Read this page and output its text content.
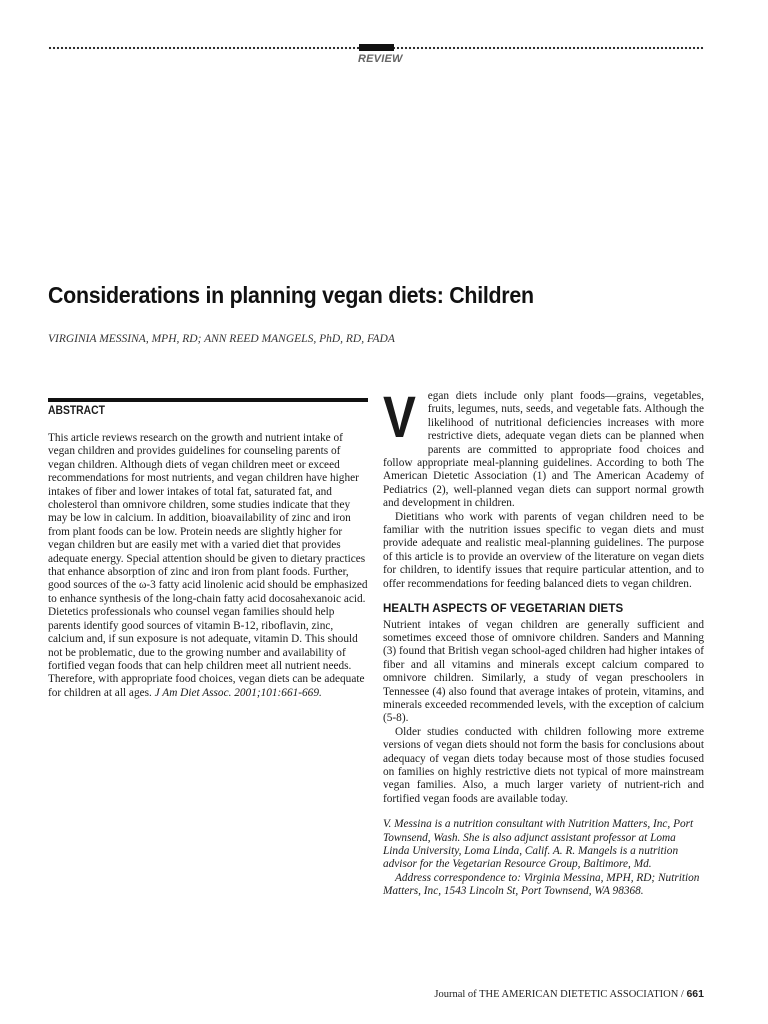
REVIEW
Considerations in planning vegan diets: Children
VIRGINIA MESSINA, MPH, RD; ANN REED MANGELS, PhD, RD, FADA
ABSTRACT

This article reviews research on the growth and nutrient intake of vegan children and provides guidelines for counseling parents of vegan children. Although diets of vegan children meet or exceed recommendations for most nutrients, and vegan children have higher intakes of fiber and lower intakes of total fat, saturated fat, and cholesterol than omnivore children, some studies indicate that they may be low in calcium. In addition, bioavailability of zinc and iron from plant foods can be low. Protein needs are slightly higher for vegan children but are easily met with a varied diet that provides adequate energy. Special attention should be given to dietary practices that enhance absorption of zinc and iron from plant foods. Further, good sources of the ω-3 fatty acid linolenic acid should be emphasized to enhance synthesis of the long-chain fatty acid docosahexanoic acid. Dietetics professionals who counsel vegan families should help parents identify good sources of vitamin B-12, riboflavin, zinc, calcium and, if sun exposure is not adequate, vitamin D. This should not be problematic, due to the growing number and availability of fortified vegan foods that can help children meet all nutrient needs. Therefore, with appropriate food choices, vegan diets can be adequate for children at all ages. J Am Diet Assoc. 2001;101:661-669.

V	egan diets include only plant foods—grains, vegetables, fruits, legumes, nuts, seeds, and vegetable fats. Although the likelihood of nutritional deficiencies increases with more restrictive diets, adequate vegan diets can be planned when parents are committed to appropriate food choices and follow appropriate meal-planning guidelines. According to both The American Dietetic Association (1) and The American Academy of Pediatrics (2), well-planned vegan diets can support normal growth and development in children.

Dietitians who work with parents of vegan children need to be familiar with the nutrition issues specific to vegan diets and must provide adequate and realistic meal-planning guidelines. The purpose of this article is to provide an overview of the literature on vegan diets for children, to identify issues that require particular attention, and to offer recommendations for feeding balanced diets to vegan children.

HEALTH ASPECTS OF VEGETARIAN DIETS

Nutrient intakes of vegan children are generally sufficient and sometimes exceed those of omnivore children. Sanders and Manning (3) found that British vegan school-aged children had higher intakes of fiber and all vitamins and minerals except calcium compared to omnivore children. Similarly, a study of vegan preschoolers in Tennessee (4) also found that average intakes of protein, vitamins, and minerals exceeded recommended levels, with the exception of calcium (5-8).

Older studies conducted with children following more extreme versions of vegan diets should not form the basis for conclusions about adequacy of vegan diets today because most of those studies focused on families on highly restrictive diets not typical of more mainstream vegan families. Also, a much larger variety of nutrient-rich and fortified vegan foods are available today.

V. Messina is a nutrition consultant with Nutrition Matters, Inc, Port Townsend, Wash. She is also adjunct assistant professor at Loma Linda University, Loma Linda, Calif. A. R. Mangels is a nutrition advisor for the Vegetarian Resource Group, Baltimore, Md.

Address correspondence to: Virginia Messina, MPH, RD; Nutrition Matters, Inc, 1543 Lincoln St, Port Townsend, WA 98368.

Journal of THE AMERICAN DIETETIC ASSOCIATION / 661
